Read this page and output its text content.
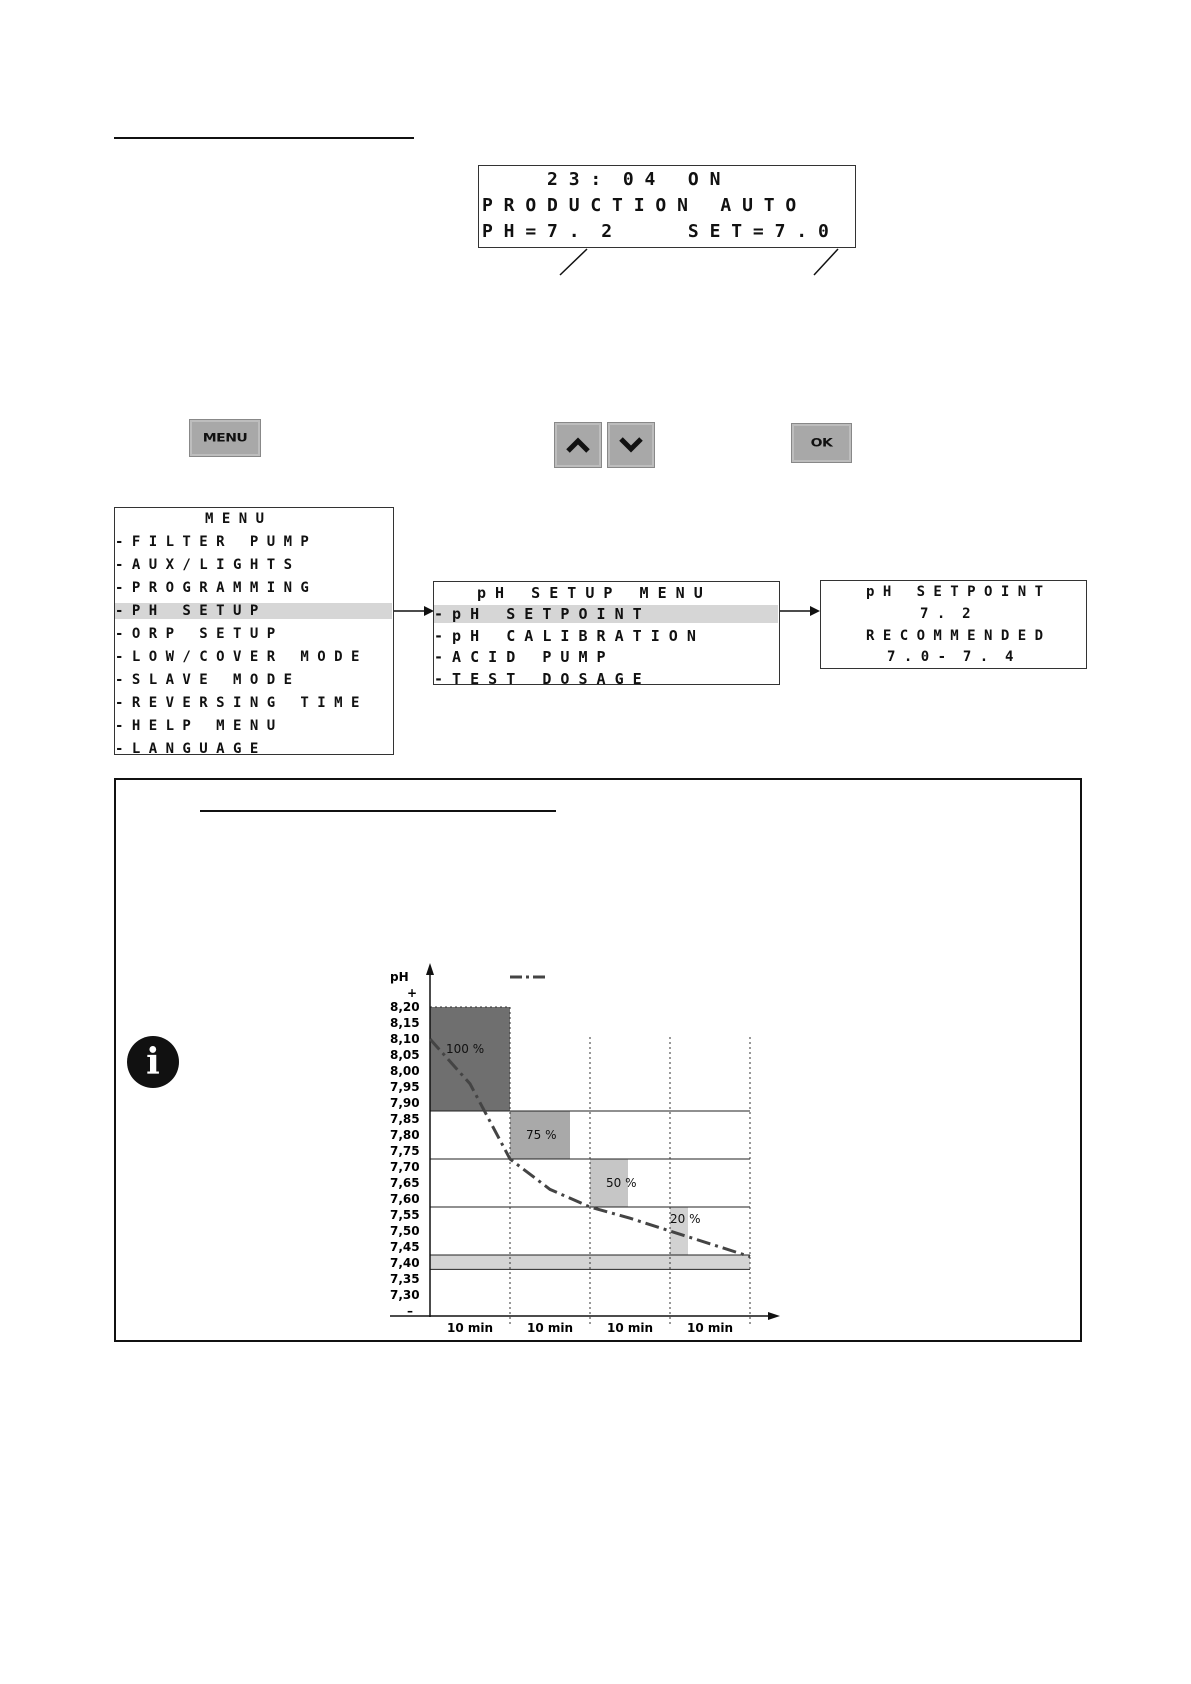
2 3 :  0 4   O N
P R O D U C T I O N   A U T O
P H = 7 .  2       S E T = 7 . 0
MENU	OK
M E N U
- F I L T E R   P U M P
- A U X / L I G H T S
- P R O G R A M M I N G
- P H   S E T U P
- O R P   S E T U P
- L O W / C O V E R   M O D E
- S L A V E   M O D E
- R E V E R S I N G   T I M E
- H E L P   M E N U
- L A N G U A G E
p H   S E T U P   M E N U
- p H   S E T P O I N T
- p H   C A L I B R A T I O N
- A C I D   P U M P
- T E S T   D O S A G E
p H   S E T P O I N T
7 .  2
R E C O M M E N D E D
7 . 0 -  7 .  4
i	100 %
75 %
50 %
20 %
pH
+
8,20
8,15
8,10
8,05
8,00
7,95
7,90
7,85
7,80
7,75
7,70
7,65
7,60
7,55
7,50
7,45
7,40
7,35
7,30
–
10 min	10 min	10 min	10 min
